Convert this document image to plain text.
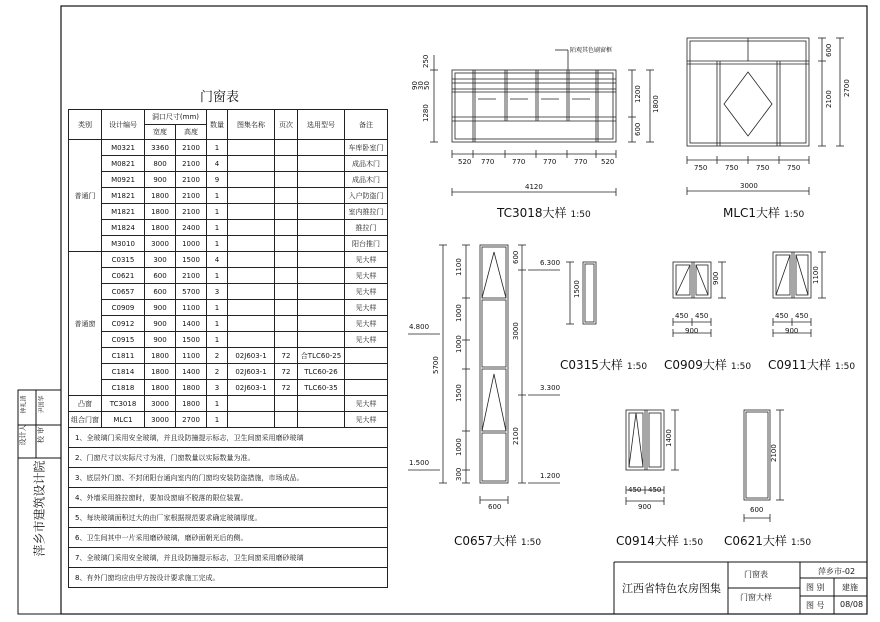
门窗表
类别	设计编号	洞口尺寸(mm)		数量	图集名称	页次	选用型号	备注
		宽度	高度					
普通门	M0321	3360	2100	1				车库卧室门
	M0821	800	2100	4				成品木门
	M0921	900	2100	9				成品木门
	M1821	1800	2100	1				入户防盗门
	M1821	1800	2100	1				室内推拉门
	M1824	1800	2400	1				推拉门
	M3010	3000	1000	1				阳台推门
普通窗	C0315	300	1500	4				见大样
	C0621	600	2100	1				见大样
	C0657	600	5700	3				见大样
	C0909	900	1100	1				见大样
	C0912	900	1400	1				见大样
	C0915	900	1500	1				见大样
	C1811	1800	1100	2	02J603-1	72	合TLC60-25	
	C1814	1800	1400	2	02J603-1	72	TLC60-26	
	C1818	1800	1800	3	02J603-1	72	TLC60-35	
凸窗	TC3018	3000	1800	1				见大样
组合门窗	MLC1	3000	2700	1				见大样
1、全玻璃门采用安全玻璃，并且设防撞提示标志，卫生间窗采用磨砂玻璃								
2、门窗尺寸以实际尺寸为准，门窗数量以实际数量为准。								
3、底层外门窗、不封闭阳台通向室内的门窗均安装防盗措施，市场成品。								
4、外墙采用推拉窗时，要加设窗扇不脱落的限位装置。								
5、每块玻璃面积过大的由厂家根据规范要求确定玻璃厚度。								
6、卫生间其中一片采用磨砂玻璃，磨砂面朝光后的侧。								
7、全玻璃门采用安全玻璃，并且设防撞提示标志，卫生间窗采用磨砂玻璃								
8、有外门窗均应由甲方按设计要求施工完成。								
陌观其色刷窗框
520 770	770	770	770 520
4120
250
90
30
50
1280
1200
1800
600
TC3018大样 1:50
750	750	750	750
3000
600
2100
2700
MLC1大样 1:50
1100
1000
1000
1500
1000
300
600
3000
2100
5700
600
6.300
4.800
3.300
1.500
1.200
C0657大样 1:50
1500
900
450 450
900
1100
450 450
900
1400
450 450
900
2100
600
C0315大样 1:50 C0909大样 1:50 C0911大样 1:50
C0914大样 1:50 C0621大样 1:50
萍乡市建筑设计院
设计人 校 审
钟礼清	尹国华
江西省特色农房图集
门窗表
门窗大样
萍乡市-02
图 别 建施
图 号 08/08
